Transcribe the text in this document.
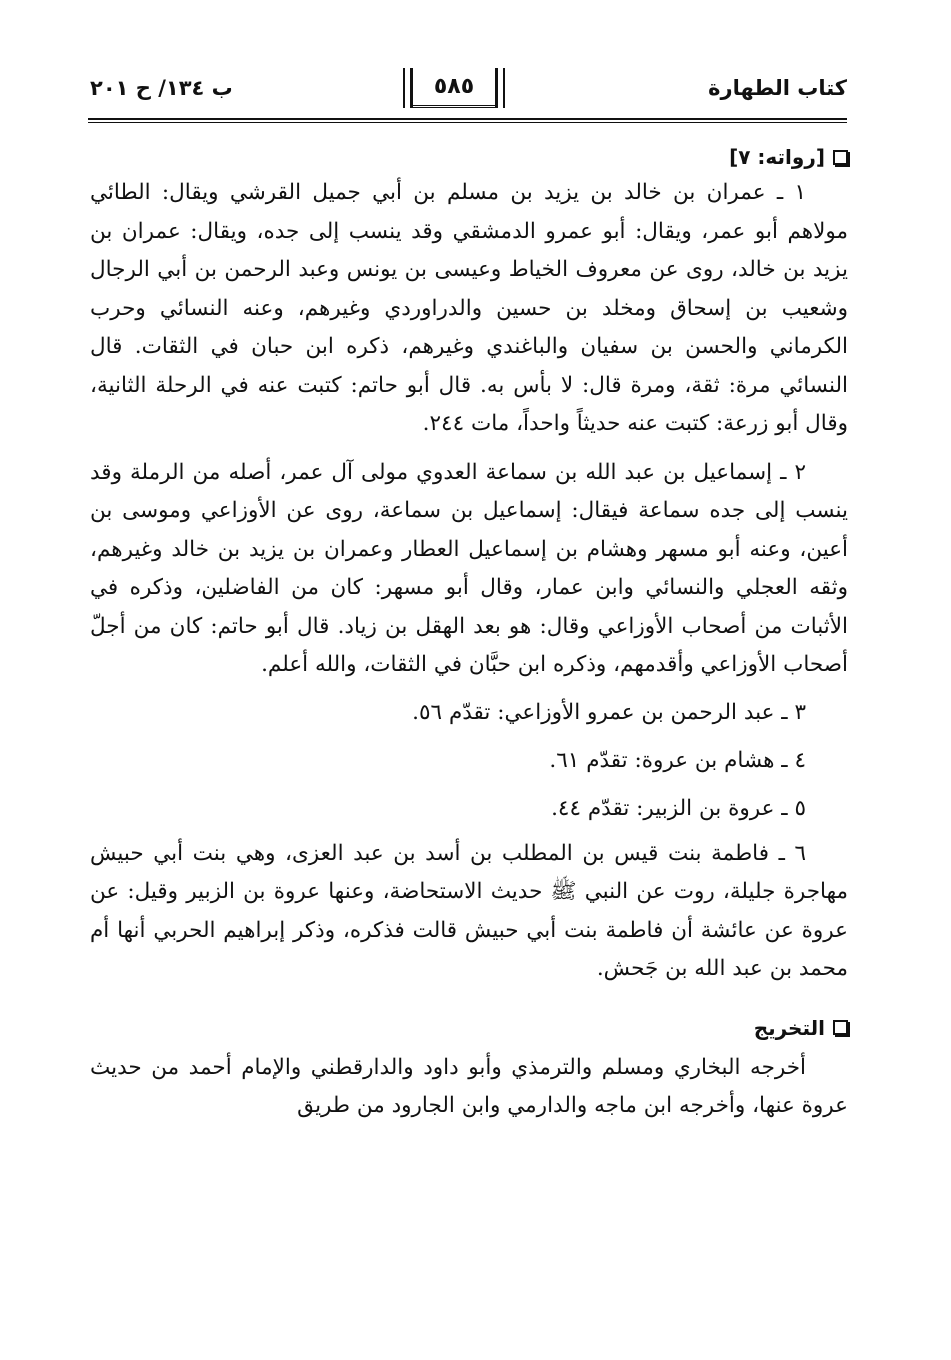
كتاب الطهارة
٥٨٥
ب ١٣٤/ ح ٢٠١
[رواته: ٧]

١ ـ عمران بن خالد بن يزيد بن مسلم بن أبي جميل القرشي ويقال: الطائي مولاهم أبو عمر، ويقال: أبو عمرو الدمشقي وقد ينسب إلى جده، ويقال: عمران بن يزيد بن خالد، روى عن معروف الخياط وعيسى بن يونس وعبد الرحمن بن أبي الرجال وشعيب بن إسحاق ومخلد بن حسين والدراوردي وغيرهم، وعنه النسائي وحرب الكرماني والحسن بن سفيان والباغندي وغيرهم، ذكره ابن حبان في الثقات. قال النسائي مرة: ثقة، ومرة قال: لا بأس به. قال أبو حاتم: كتبت عنه في الرحلة الثانية، وقال أبو زرعة: كتبت عنه حديثاً واحداً، مات ٢٤٤.

٢ ـ إسماعيل بن عبد الله بن سماعة العدوي مولى آل عمر، أصله من الرملة وقد ينسب إلى جده سماعة فيقال: إسماعيل بن سماعة، روى عن الأوزاعي وموسى بن أعين، وعنه أبو مسهر وهشام بن إسماعيل العطار وعمران بن يزيد بن خالد وغيرهم، وثقه العجلي والنسائي وابن عمار، وقال أبو مسهر: كان من الفاضلين، وذكره في الأثبات من أصحاب الأوزاعي وقال: هو بعد الهقل بن زياد. قال أبو حاتم: كان من أجلّ أصحاب الأوزاعي وأقدمهم، وذكره ابن حبَّان في الثقات، والله أعلم.

٣ ـ عبد الرحمن بن عمرو الأوزاعي: تقدّم ٥٦.

٤ ـ هشام بن عروة: تقدّم ٦١.

٥ ـ عروة بن الزبير: تقدّم ٤٤.

٦ ـ فاطمة بنت قيس بن المطلب بن أسد بن عبد العزى، وهي بنت أبي حبيش مهاجرة جليلة، روت عن النبي ﷺ حديث الاستحاضة، وعنها عروة بن الزبير وقيل: عن عروة عن عائشة أن فاطمة بنت أبي حبيش قالت فذكره، وذكر إبراهيم الحربي أنها أم محمد بن عبد الله بن جَحش.

التخريج

أخرجه البخاري ومسلم والترمذي وأبو داود والدارقطني والإمام أحمد من حديث عروة عنها، وأخرجه ابن ماجه والدارمي وابن الجارود من طريق
